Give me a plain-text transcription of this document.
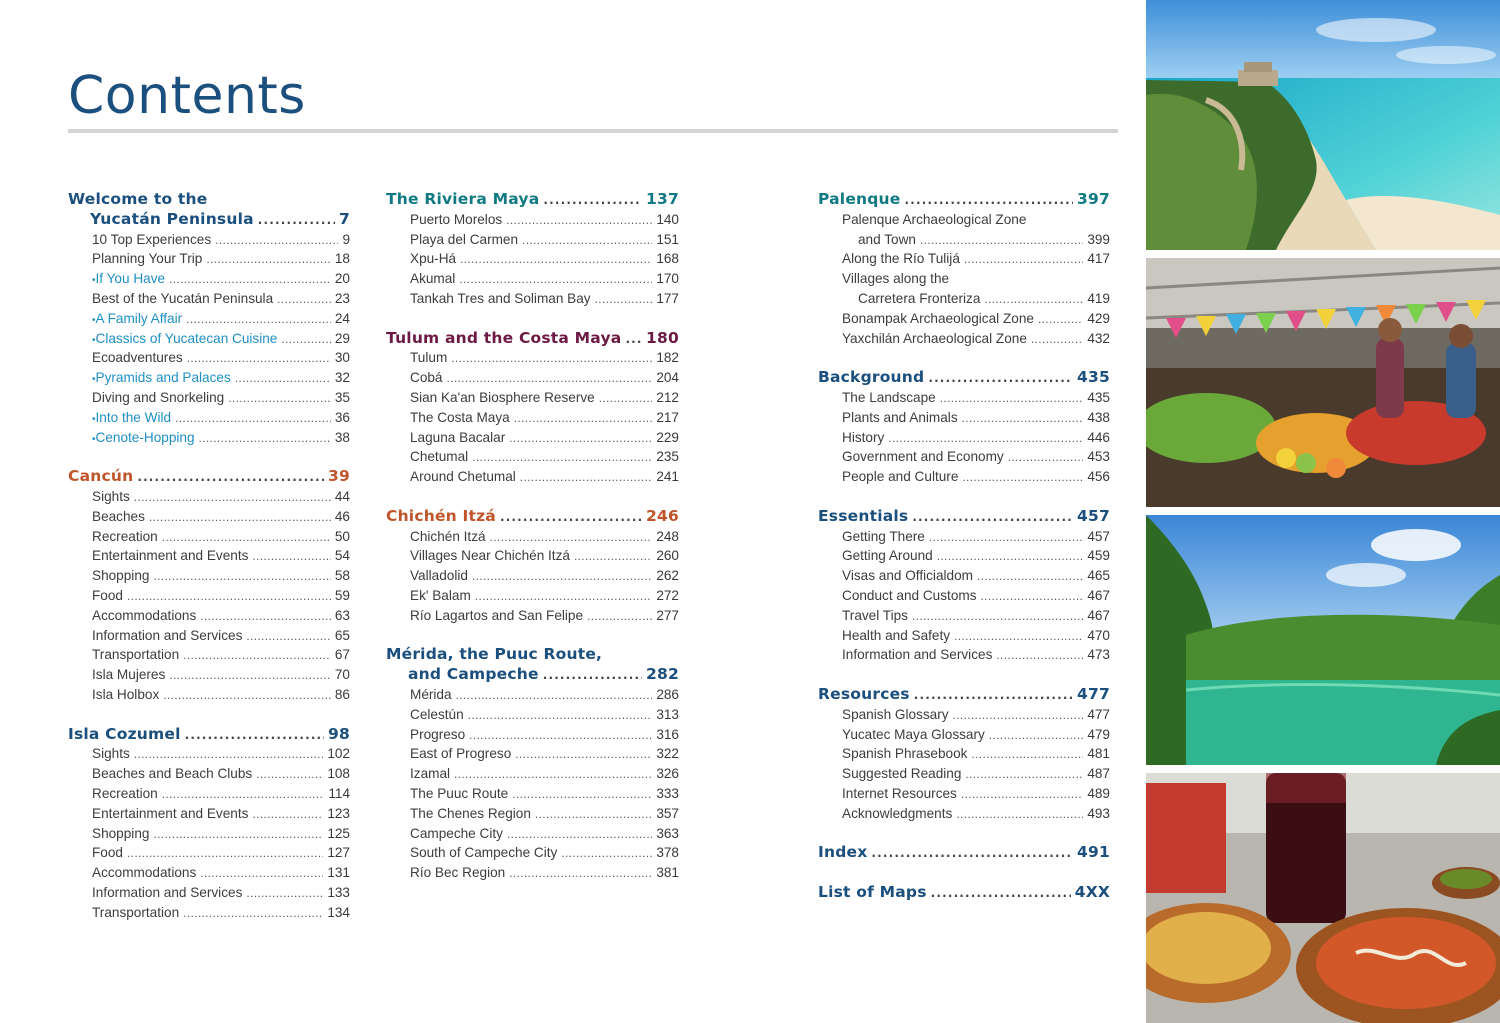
Contents
Welcome to the
Yucatán Peninsula . . .	7
10 Top Experiences . . .	9
Planning Your Trip . . .	18
• If You Have . . .	20
Best of the Yucatán Peninsula . . .	23
• A Family Affair . . .	24
• Classics of Yucatecan Cuisine . . .	29
Ecoadventures . . .	30
• Pyramids and Palaces . . .	32
Diving and Snorkeling . . .	35
• Into the Wild . . .	36
• Cenote-Hopping . . .	38
Cancún . . .	39
Sights . . .	44
Beaches . . .	46
Recreation . . .	50
Entertainment and Events . . .	54
Shopping . . .	58
Food . . .	59
Accommodations . . .	63
Information and Services . . .	65
Transportation . . .	67
Isla Mujeres . . .	70
Isla Holbox . . .	86
Isla Cozumel . . .	98
Sights . . .	102
Beaches and Beach Clubs . . .	108
Recreation . . .	114
Entertainment and Events . . .	123
Shopping . . .	125
Food . . .	127
Accommodations . . .	131
Information and Services . . .	133
Transportation . . .	134
The Riviera Maya . . .	137
Puerto Morelos . . .	140
Playa del Carmen . . .	151
Xpu-Há . . .	168
Akumal . . .	170
Tankah Tres and Soliman Bay . . .	177
Tulum and the Costa Maya . . . 180
Tulum . . .	182
Cobá . . .	204
Sian Ka'an Biosphere Reserve . . .	212
The Costa Maya . . .	217
Laguna Bacalar . . .	229
Chetumal . . .	235
Around Chetumal . . .	241
Chichén Itzá . . .	246
Chichén Itzá . . .	248
Villages Near Chichén Itzá . . .	260
Valladolid . . .	262
Ek' Balam . . .	272
Río Lagartos and San Felipe . . .	277
Mérida, the Puuc Route,
and Campeche . . .	282
Mérida . . .	286
Celestún . . .	313
Progreso . . .	316
East of Progreso . . .	322
Izamal . . .	326
The Puuc Route . . .	333
The Chenes Region . . .	357
Campeche City . . .	363
South of Campeche City . . .	378
Río Bec Region . . .	381
Palenque . . .	397
Palenque Archaeological Zone
and Town . . .	399
Along the Río Tulijá . . .	417
Villages along the
Carretera Fronteriza . . .	419
Bonampak Archaeological Zone . . .	429
Yaxchilán Archaeological Zone . . .	432
Background . . .	435
The Landscape . . .	435
Plants and Animals . . .	438
History . . .	446
Government and Economy . . .	453
People and Culture . . .	456
Essentials . . .	457
Getting There . . .	457
Getting Around . . .	459
Visas and Officialdom . . .	465
Conduct and Customs . . .	467
Travel Tips . . .	467
Health and Safety . . .	470
Information and Services . . .	473
Resources . . .	477
Spanish Glossary . . .	477
Yucatec Maya Glossary . . .	479
Spanish Phrasebook . . .	481
Suggested Reading . . .	487
Internet Resources . . .	489
Acknowledgments . . .	493
Index . . .	491
List of Maps . . .	4XX
